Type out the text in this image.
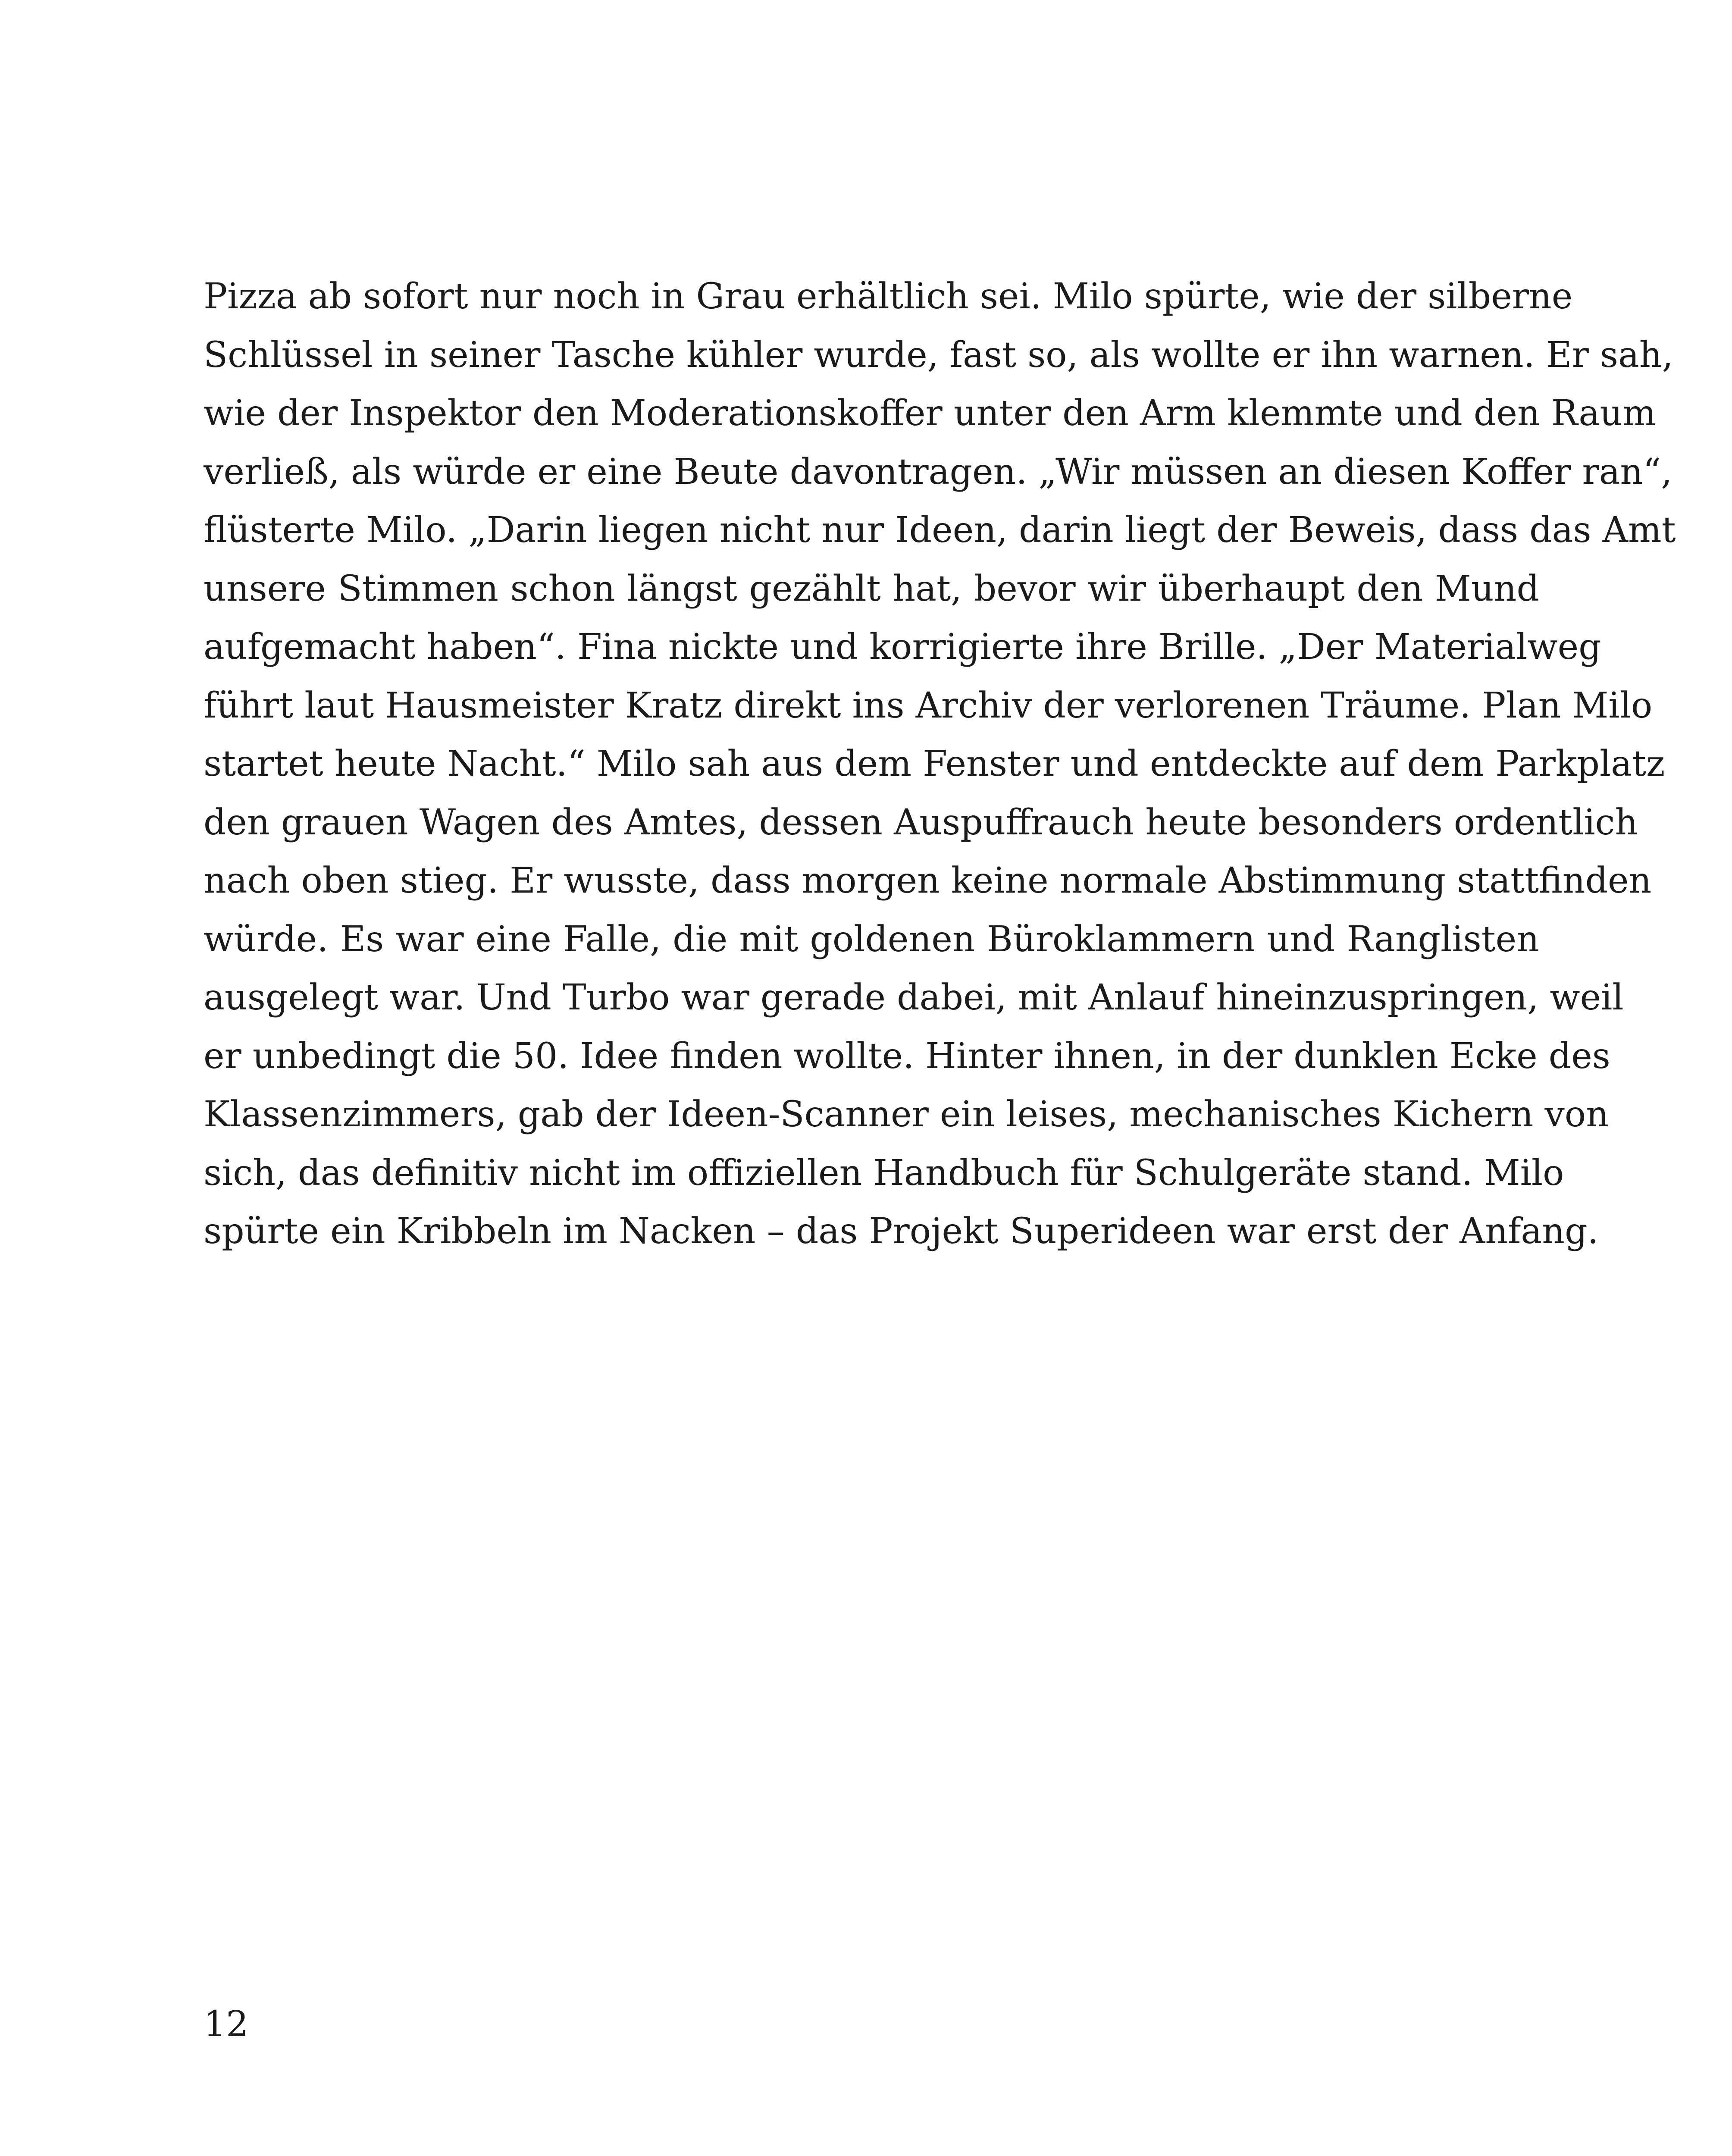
Pizza ab sofort nur noch in Grau erhältlich sei. Milo spürte, wie der silberne
Schlüssel in seiner Tasche kühler wurde, fast so, als wollte er ihn warnen. Er sah,
wie der Inspektor den Moderationskoffer unter den Arm klemmte und den Raum
verließ, als würde er eine Beute davontragen. „Wir müssen an diesen Koffer ran“,
flüsterte Milo. „Darin liegen nicht nur Ideen, darin liegt der Beweis, dass das Amt
unsere Stimmen schon längst gezählt hat, bevor wir überhaupt den Mund
aufgemacht haben“. Fina nickte und korrigierte ihre Brille. „Der Materialweg
führt laut Hausmeister Kratz direkt ins Archiv der verlorenen Träume. Plan Milo
startet heute Nacht.“ Milo sah aus dem Fenster und entdeckte auf dem Parkplatz
den grauen Wagen des Amtes, dessen Auspuffrauch heute besonders ordentlich
nach oben stieg. Er wusste, dass morgen keine normale Abstimmung stattfinden
würde. Es war eine Falle, die mit goldenen Büroklammern und Ranglisten
ausgelegt war. Und Turbo war gerade dabei, mit Anlauf hineinzuspringen, weil
er unbedingt die 50. Idee finden wollte. Hinter ihnen, in der dunklen Ecke des
Klassenzimmers, gab der Ideen-Scanner ein leises, mechanisches Kichern von
sich, das definitiv nicht im offiziellen Handbuch für Schulgeräte stand. Milo
spürte ein Kribbeln im Nacken – das Projekt Superideen war erst der Anfang.
12
